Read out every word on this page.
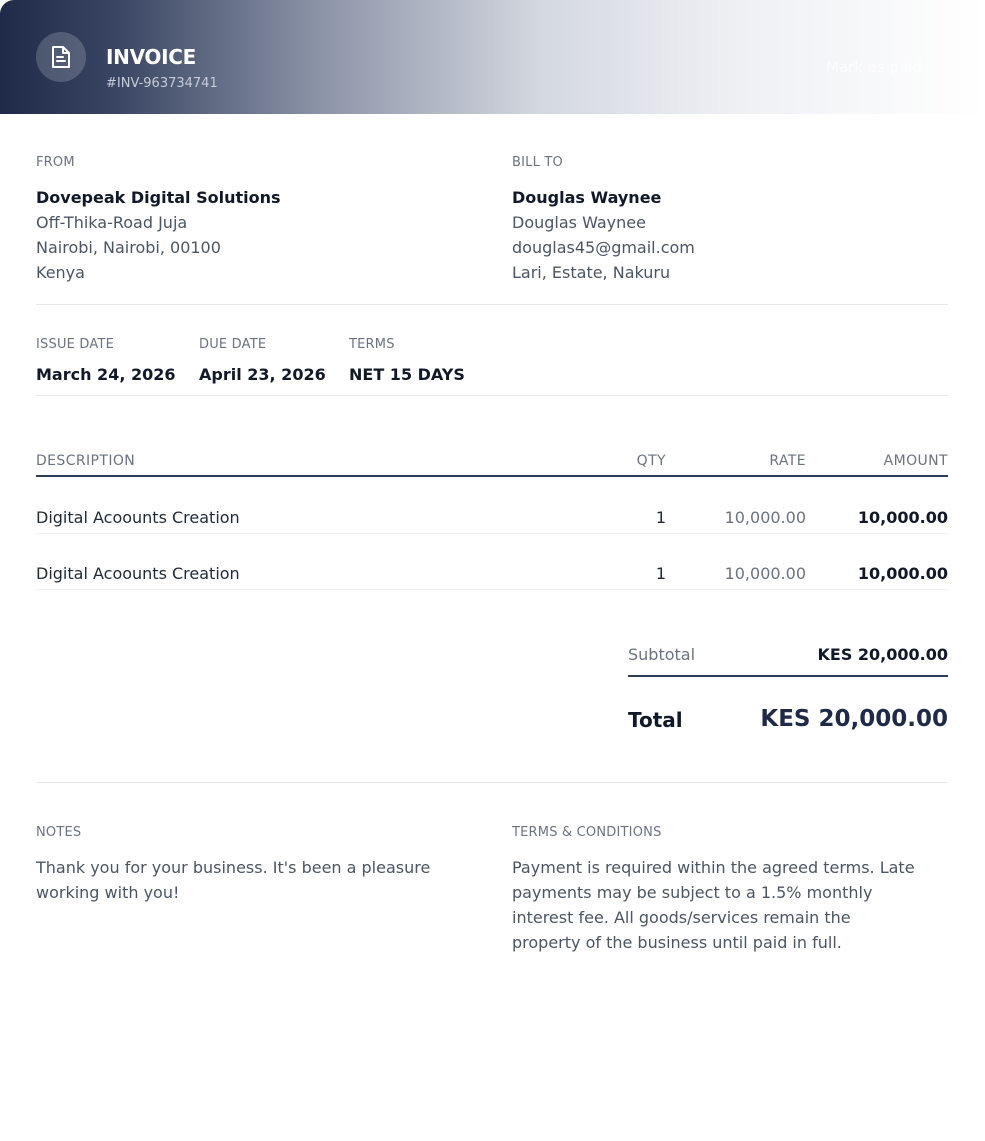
INVOICE
#INV-963734741
Mark as paid
FROM
Dovepeak Digital Solutions
Off-Thika-Road Juja
Nairobi, Nairobi, 00100
Kenya
BILL TO
Douglas Waynee
Douglas Waynee
douglas45@gmail.com
Lari, Estate, Nakuru
ISSUE DATE
March 24, 2026
DUE DATE
April 23, 2026
TERMS
NET 15 DAYS
DESCRIPTION	QTY	RATE	AMOUNT
Digital Acoounts Creation	1	10,000.00	10,000.00
Digital Acoounts Creation	1	10,000.00	10,000.00
Subtotal	KES 20,000.00
Total	KES 20,000.00
NOTES
Thank you for your business. It's been a pleasure working with you!
TERMS & CONDITIONS
Payment is required within the agreed terms. Late payments may be subject to a 1.5% monthly interest fee. All goods/services remain the property of the business until paid in full.
